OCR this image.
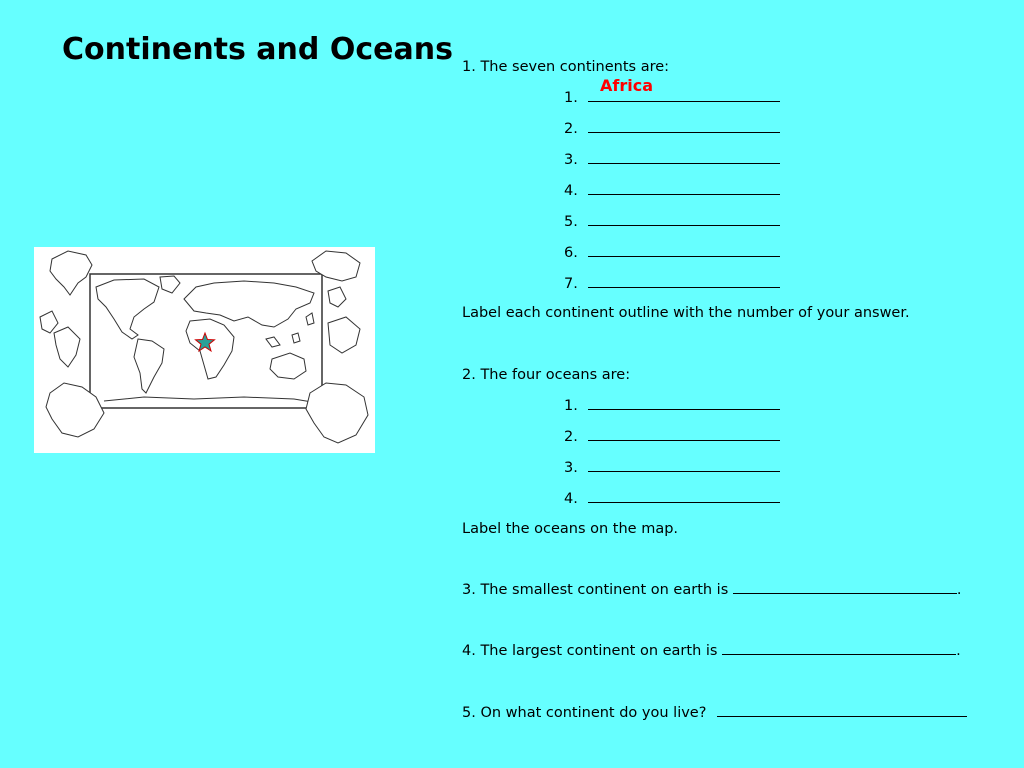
Continents and Oceans 1. The seven continents are:
Africa
1.
2.
3.
4.
5.
6.
7.
Label each continent outline with the number of your answer.
2. The four oceans are:
1.
2.
3.
4.
Label the oceans on the map.
3. The smallest continent on earth is	.
4. The largest continent on earth is	.
5. On what continent do you live?
